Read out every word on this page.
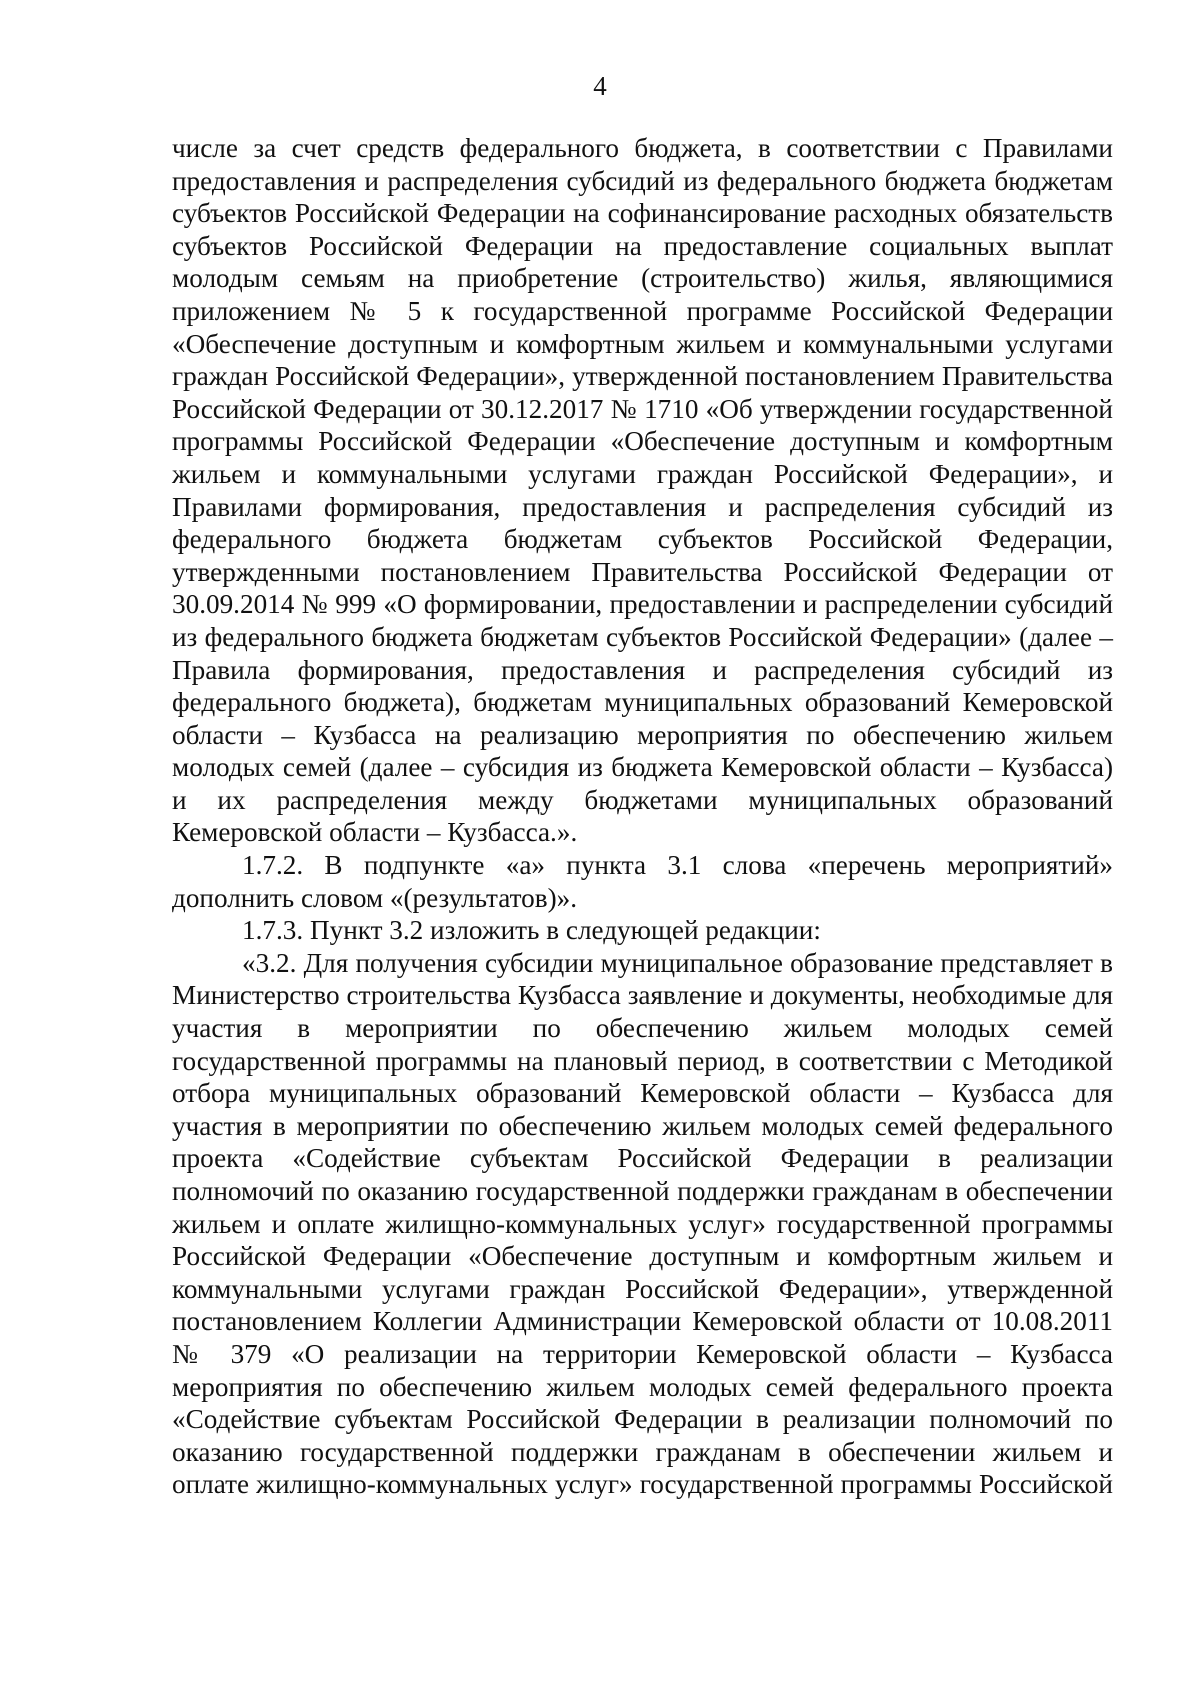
4

числе за счет средств федерального бюджета, в соответствии с Правилами предоставления и распределения субсидий из федерального бюджета бюджетам субъектов Российской Федерации на софинансирование расходных обязательств субъектов Российской Федерации на предоставление социальных выплат молодым семьям на приобретение (строительство) жилья, являющимися приложением № 5 к государственной программе Российской Федерации «Обеспечение доступным и комфортным жильем и коммунальными услугами граждан Российской Федерации», утвержденной постановлением Правительства Российской Федерации от 30.12.2017 № 1710 «Об утверждении государственной программы Российской Федерации «Обеспечение доступным и комфортным жильем и коммунальными услугами граждан Российской Федерации», и Правилами формирования, предоставления и распределения субсидий из федерального бюджета бюджетам субъектов Российской Федерации, утвержденными постановлением Правительства Российской Федерации от 30.09.2014 № 999 «О формировании, предоставлении и распределении субсидий из федерального бюджета бюджетам субъектов Российской Федерации» (далее – Правила формирования, предоставления и распределения субсидий из федерального бюджета), бюджетам муниципальных образований Кемеровской области – Кузбасса на реализацию мероприятия по обеспечению жильем молодых семей (далее – субсидия из бюджета Кемеровской области – Кузбасса) и их распределения между бюджетами муниципальных образований Кемеровской области – Кузбасса.».

1.7.2. В подпункте «а» пункта 3.1 слова «перечень мероприятий» дополнить словом «(результатов)».

1.7.3. Пункт 3.2 изложить в следующей редакции:

«3.2. Для получения субсидии муниципальное образование представляет в Министерство строительства Кузбасса заявление и документы, необходимые для участия в мероприятии по обеспечению жильем молодых семей государственной программы на плановый период, в соответствии с Методикой отбора муниципальных образований Кемеровской области – Кузбасса для участия в мероприятии по обеспечению жильем молодых семей федерального проекта «Содействие субъектам Российской Федерации в реализации полномочий по оказанию государственной поддержки гражданам в обеспечении жильем и оплате жилищно-коммунальных услуг» государственной программы Российской Федерации «Обеспечение доступным и комфортным жильем и коммунальными услугами граждан Российской Федерации», утвержденной постановлением Коллегии Администрации Кемеровской области от 10.08.2011 № 379 «О реализации на территории Кемеровской области – Кузбасса мероприятия по обеспечению жильем молодых семей федерального проекта «Содействие субъектам Российской Федерации в реализации полномочий по оказанию государственной поддержки гражданам в обеспечении жильем и оплате жилищно-коммунальных услуг» государственной программы Российской
